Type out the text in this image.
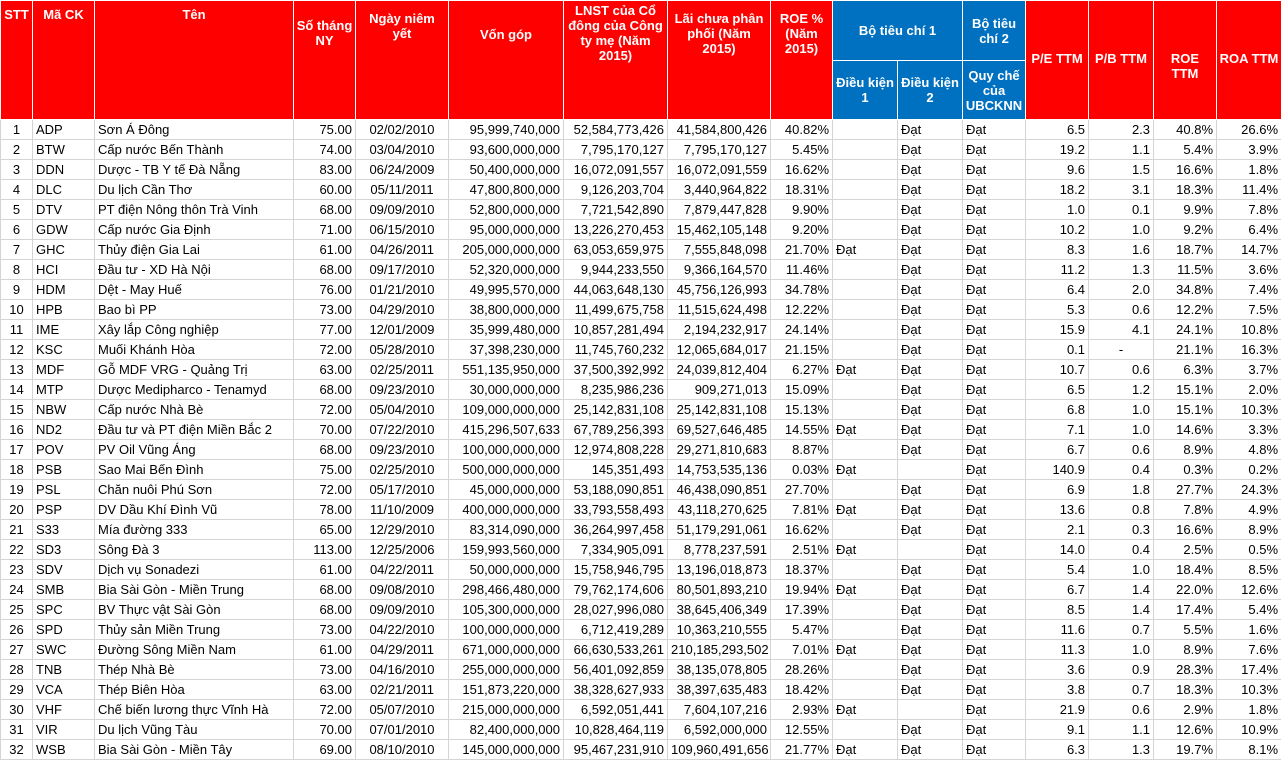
STT	Mã CK	Tên	Số tháng NY	Ngày niêm yết	Vốn góp	LNST của Cổ đông của Công ty mẹ (Năm 2015)	Lãi chưa phân phối (Năm 2015)	ROE % (Năm 2015)	Bộ tiêu chí 1		Bộ tiêu chí 2	P/E TTM	P/B TTM	ROE TTM	ROA TTM
									Điều kiện 1	Điều kiện 2	Quy chế của UBCKNN				
1	ADP	Sơn Á Đông	75.00	02/02/2010	95,999,740,000	52,584,773,426	41,584,800,426	40.82%		Đạt	Đạt	6.5	2.3	40.8%	26.6%
2	BTW	Cấp nước Bến Thành	74.00	03/04/2010	93,600,000,000	7,795,170,127	7,795,170,127	5.45%		Đạt	Đạt	19.2	1.1	5.4%	3.9%
3	DDN	Dược - TB Y tế Đà Nẵng	83.00	06/24/2009	50,400,000,000	16,072,091,557	16,072,091,559	16.62%		Đạt	Đạt	9.6	1.5	16.6%	1.8%
4	DLC	Du lịch Cần Thơ	60.00	05/11/2011	47,800,800,000	9,126,203,704	3,440,964,822	18.31%		Đạt	Đạt	18.2	3.1	18.3%	11.4%
5	DTV	PT điện Nông thôn Trà Vinh	68.00	09/09/2010	52,800,000,000	7,721,542,890	7,879,447,828	9.90%		Đạt	Đạt	1.0	0.1	9.9%	7.8%
6	GDW	Cấp nước Gia Định	71.00	06/15/2010	95,000,000,000	13,226,270,453	15,462,105,148	9.20%		Đạt	Đạt	10.2	1.0	9.2%	6.4%
7	GHC	Thủy điện Gia Lai	61.00	04/26/2011	205,000,000,000	63,053,659,975	7,555,848,098	21.70%	Đạt	Đạt	Đạt	8.3	1.6	18.7%	14.7%
8	HCI	Đầu tư - XD Hà Nội	68.00	09/17/2010	52,320,000,000	9,944,233,550	9,366,164,570	11.46%		Đạt	Đạt	11.2	1.3	11.5%	3.6%
9	HDM	Dệt - May Huế	76.00	01/21/2010	49,995,570,000	44,063,648,130	45,756,126,993	34.78%		Đạt	Đạt	6.4	2.0	34.8%	7.4%
10	HPB	Bao bì PP	73.00	04/29/2010	38,800,000,000	11,499,675,758	11,515,624,498	12.22%		Đạt	Đạt	5.3	0.6	12.2%	7.5%
11	IME	Xây lắp Công nghiệp	77.00	12/01/2009	35,999,480,000	10,857,281,494	2,194,232,917	24.14%		Đạt	Đạt	15.9	4.1	24.1%	10.8%
12	KSC	Muối Khánh Hòa	72.00	05/28/2010	37,398,230,000	11,745,760,232	12,065,684,017	21.15%		Đạt	Đạt	0.1	-	21.1%	16.3%
13	MDF	Gỗ MDF VRG - Quảng Trị	63.00	02/25/2011	551,135,950,000	37,500,392,992	24,039,812,404	6.27%	Đạt	Đạt	Đạt	10.7	0.6	6.3%	3.7%
14	MTP	Dược Medipharco - Tenamyd	68.00	09/23/2010	30,000,000,000	8,235,986,236	909,271,013	15.09%		Đạt	Đạt	6.5	1.2	15.1%	2.0%
15	NBW	Cấp nước Nhà Bè	72.00	05/04/2010	109,000,000,000	25,142,831,108	25,142,831,108	15.13%		Đạt	Đạt	6.8	1.0	15.1%	10.3%
16	ND2	Đầu tư và PT điện Miền Bắc 2	70.00	07/22/2010	415,296,507,633	67,789,256,393	69,527,646,485	14.55%	Đạt	Đạt	Đạt	7.1	1.0	14.6%	3.3%
17	POV	PV Oil Vũng Áng	68.00	09/23/2010	100,000,000,000	12,974,808,228	29,271,810,683	8.87%		Đạt	Đạt	6.7	0.6	8.9%	4.8%
18	PSB	Sao Mai Bến Đình	75.00	02/25/2010	500,000,000,000	145,351,493	14,753,535,136	0.03%	Đạt		Đạt	140.9	0.4	0.3%	0.2%
19	PSL	Chăn nuôi Phú Sơn	72.00	05/17/2010	45,000,000,000	53,188,090,851	46,438,090,851	27.70%		Đạt	Đạt	6.9	1.8	27.7%	24.3%
20	PSP	DV Dầu Khí Đình Vũ	78.00	11/10/2009	400,000,000,000	33,793,558,493	43,118,270,625	7.81%	Đạt	Đạt	Đạt	13.6	0.8	7.8%	4.9%
21	S33	Mía đường 333	65.00	12/29/2010	83,314,090,000	36,264,997,458	51,179,291,061	16.62%		Đạt	Đạt	2.1	0.3	16.6%	8.9%
22	SD3	Sông Đà 3	113.00	12/25/2006	159,993,560,000	7,334,905,091	8,778,237,591	2.51%	Đạt		Đạt	14.0	0.4	2.5%	0.5%
23	SDV	Dịch vụ Sonadezi	61.00	04/22/2011	50,000,000,000	15,758,946,795	13,196,018,873	18.37%		Đạt	Đạt	5.4	1.0	18.4%	8.5%
24	SMB	Bia Sài Gòn - Miền Trung	68.00	09/08/2010	298,466,480,000	79,762,174,606	80,501,893,210	19.94%	Đạt	Đạt	Đạt	6.7	1.4	22.0%	12.6%
25	SPC	BV Thực vật Sài Gòn	68.00	09/09/2010	105,300,000,000	28,027,996,080	38,645,406,349	17.39%		Đạt	Đạt	8.5	1.4	17.4%	5.4%
26	SPD	Thủy sản Miền Trung	73.00	04/22/2010	100,000,000,000	6,712,419,289	10,363,210,555	5.47%		Đạt	Đạt	11.6	0.7	5.5%	1.6%
27	SWC	Đường Sông Miền Nam	61.00	04/29/2011	671,000,000,000	66,630,533,261	210,185,293,502	7.01%	Đạt	Đạt	Đạt	11.3	1.0	8.9%	7.6%
28	TNB	Thép Nhà Bè	73.00	04/16/2010	255,000,000,000	56,401,092,859	38,135,078,805	28.26%		Đạt	Đạt	3.6	0.9	28.3%	17.4%
29	VCA	Thép Biên Hòa	63.00	02/21/2011	151,873,220,000	38,328,627,933	38,397,635,483	18.42%		Đạt	Đạt	3.8	0.7	18.3%	10.3%
30	VHF	Chế biến lương thực Vĩnh Hà	72.00	05/07/2010	215,000,000,000	6,592,051,441	7,604,107,216	2.93%	Đạt		Đạt	21.9	0.6	2.9%	1.8%
31	VIR	Du lịch Vũng Tàu	70.00	07/01/2010	82,400,000,000	10,828,464,119	6,592,000,000	12.55%		Đạt	Đạt	9.1	1.1	12.6%	10.9%
32	WSB	Bia Sài Gòn - Miền Tây	69.00	08/10/2010	145,000,000,000	95,467,231,910	109,960,491,656	21.77%	Đạt	Đạt	Đạt	6.3	1.3	19.7%	8.1%
